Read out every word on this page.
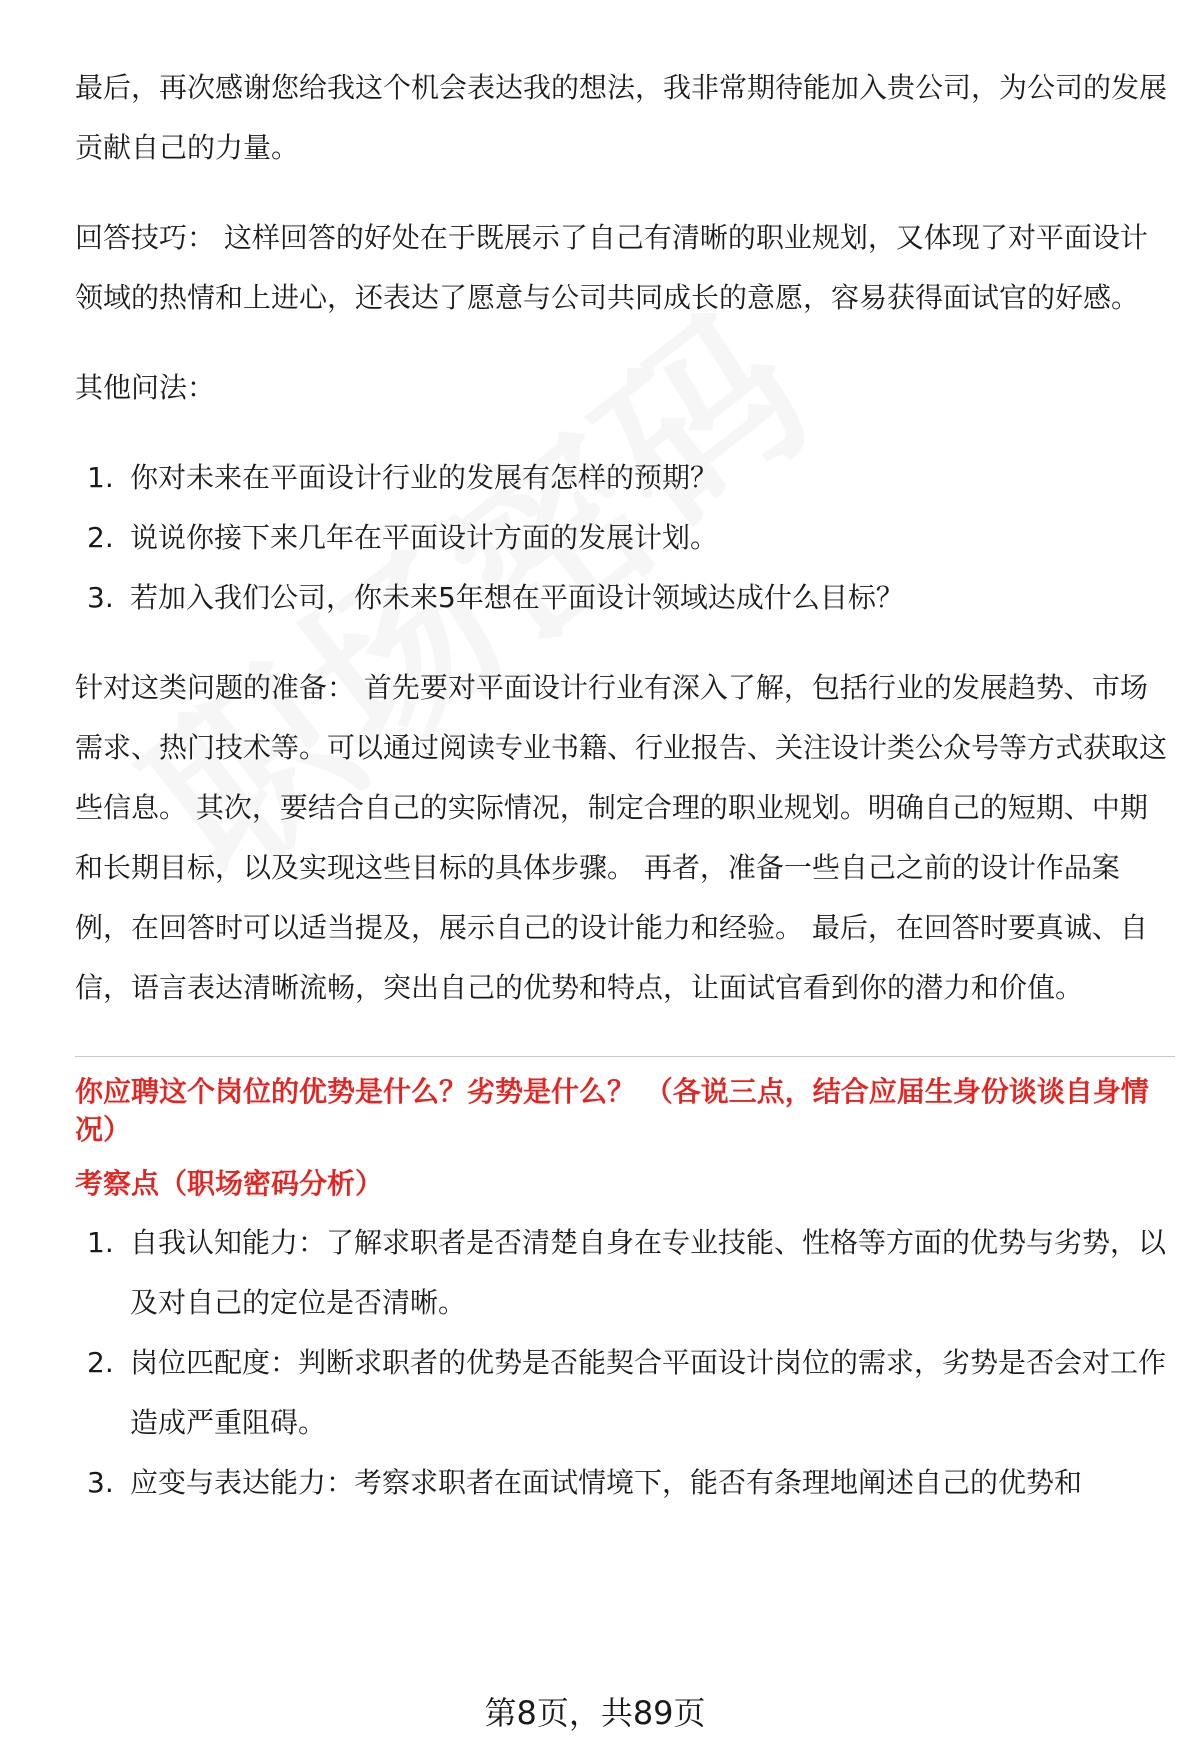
最后，再次感谢您给我这个机会表达我的想法，我非常期待能加入贵公司，为公司的发展贡献自己的力量。

回答技巧： 这样回答的好处在于既展示了自己有清晰的职业规划，又体现了对平面设计领域的热情和上进心，还表达了愿意与公司共同成长的意愿，容易获得面试官的好感。

其他问法：

1. 你对未来在平面设计行业的发展有怎样的预期？
2. 说说你接下来几年在平面设计方面的发展计划。
3. 若加入我们公司，你未来5年想在平面设计领域达成什么目标？

针对这类问题的准备： 首先要对平面设计行业有深入了解，包括行业的发展趋势、市场需求、热门技术等。可以通过阅读专业书籍、行业报告、关注设计类公众号等方式获取这些信息。 其次，要结合自己的实际情况，制定合理的职业规划。明确自己的短期、中期和长期目标，以及实现这些目标的具体步骤。 再者，准备一些自己之前的设计作品案例，在回答时可以适当提及，展示自己的设计能力和经验。 最后，在回答时要真诚、自信，语言表达清晰流畅，突出自己的优势和特点，让面试官看到你的潜力和价值。

你应聘这个岗位的优势是什么？劣势是什么？ （各说三点，结合应届生身份谈谈自身情况）

考察点（职场密码分析）

1. 自我认知能力：了解求职者是否清楚自身在专业技能、性格等方面的优势与劣势，以及对自己的定位是否清晰。
2. 岗位匹配度：判断求职者的优势是否能契合平面设计岗位的需求，劣势是否会对工作造成严重阻碍。
3. 应变与表达能力：考察求职者在面试情境下，能否有条理地阐述自己的优势和
第8页，共89页
